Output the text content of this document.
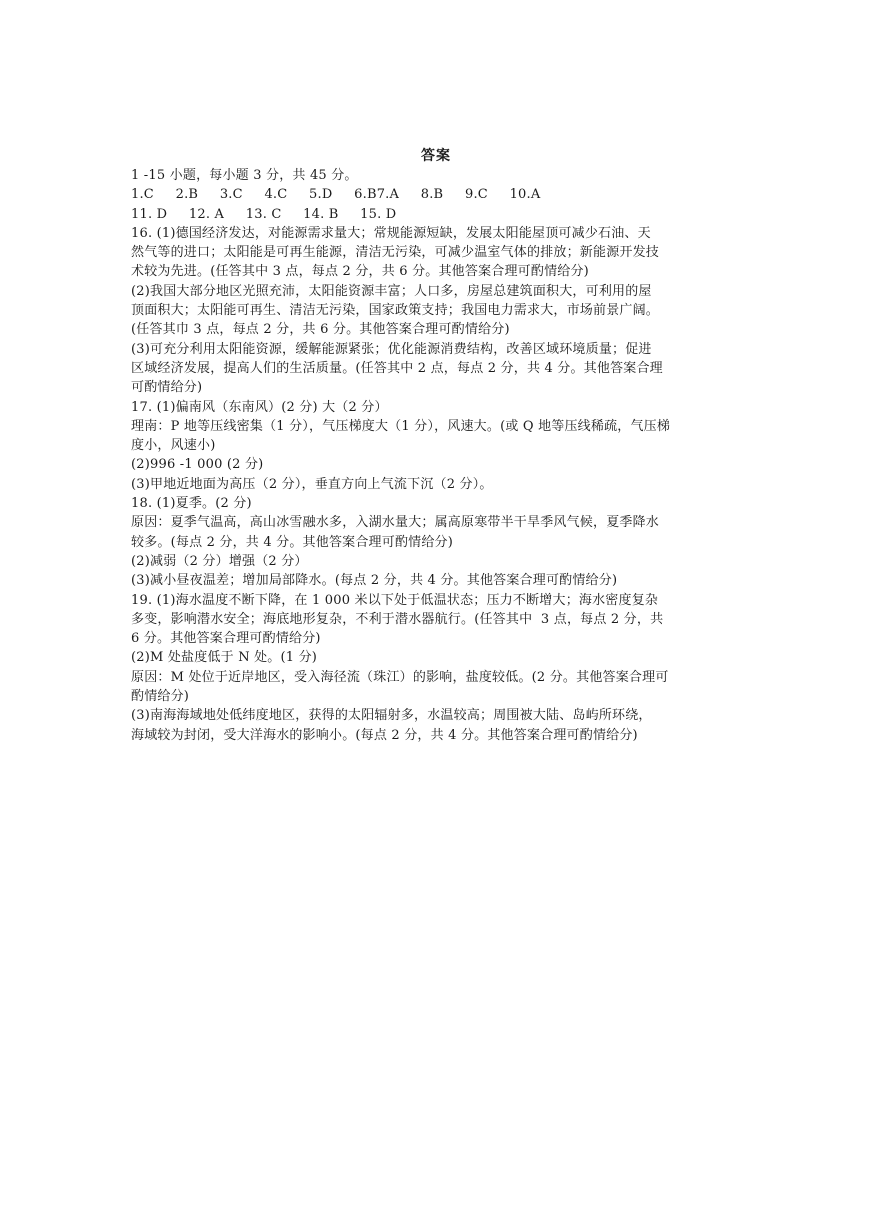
答案

1 -15 小题，每小题 3 分，共 45 分。

1.C     2.B     3.C     4.C     5.D     6.B7.A     8.B     9.C     10.A

11. D     12. A     13. C     14. B     15. D

16. (1)德国经济发达，对能源需求量大；常规能源短缺，发展太阳能屋顶可减少石油、天

然气等的进口；太阳能是可再生能源，清洁无污染，可减少温室气体的排放；新能源开发技

术较为先进。(任答其中 3 点，每点 2 分，共 6 分。其他答案合理可酌情给分)

(2)我国大部分地区光照充沛，太阳能资源丰富；人口多，房屋总建筑面积大，可利用的屋

顶面积大；太阳能可再生、清洁无污染，国家政策支持；我国电力需求大，市场前景广阔。

(任答其巾 3 点，每点 2 分，共 6 分。其他答案合理可酌情给分)

(3)可充分利用太阳能资源，缓解能源紧张；优化能源消费结构，改善区域环境质量；促进

区域经济发展，提高人们的生活质量。(任答其中 2 点，每点 2 分，共 4 分。其他答案合理

可酌情给分)

17. (1)偏南风（东南风）(2 分) 大（2 分）

理南：P 地等压线密集（1 分），气压梯度大（1 分），风速大。(或 Q 地等压线稀疏，气压梯

度小，风速小)

(2)996 -1 000 (2 分)

(3)甲地近地面为高压（2 分），垂直方向上气流下沉（2 分）。

18. (1)夏季。(2 分)

原因：夏季气温高，高山冰雪融水多，入湖水量大；属高原寒带半干旱季风气候，夏季降水

较多。(每点 2 分，共 4 分。其他答案合理可酌情给分)

(2)减弱（2 分）增强（2 分）

(3)减小昼夜温差；增加局部降水。(每点 2 分，共 4 分。其他答案合理可酌情给分)

19. (1)海水温度不断下降，在 1 000 米以下处于低温状态；压力不断增大；海水密度复杂

多变，影响潜水安全；海底地形复杂，不利于潜水器航行。(任答其中  3 点，每点 2 分，共

6 分。其他答案合理可酌情给分)

(2)M 处盐度低于 N 处。(1 分)

原因：M 处位于近岸地区，受入海径流（珠江）的影响，盐度较低。(2 分。其他答案合理可

酌情给分)

(3)南海海域地处低纬度地区，获得的太阳辐射多，水温较高；周围被大陆、岛屿所环绕，

海域较为封闭，受大洋海水的影响小。(每点 2 分，共 4 分。其他答案合理可酌情给分)
